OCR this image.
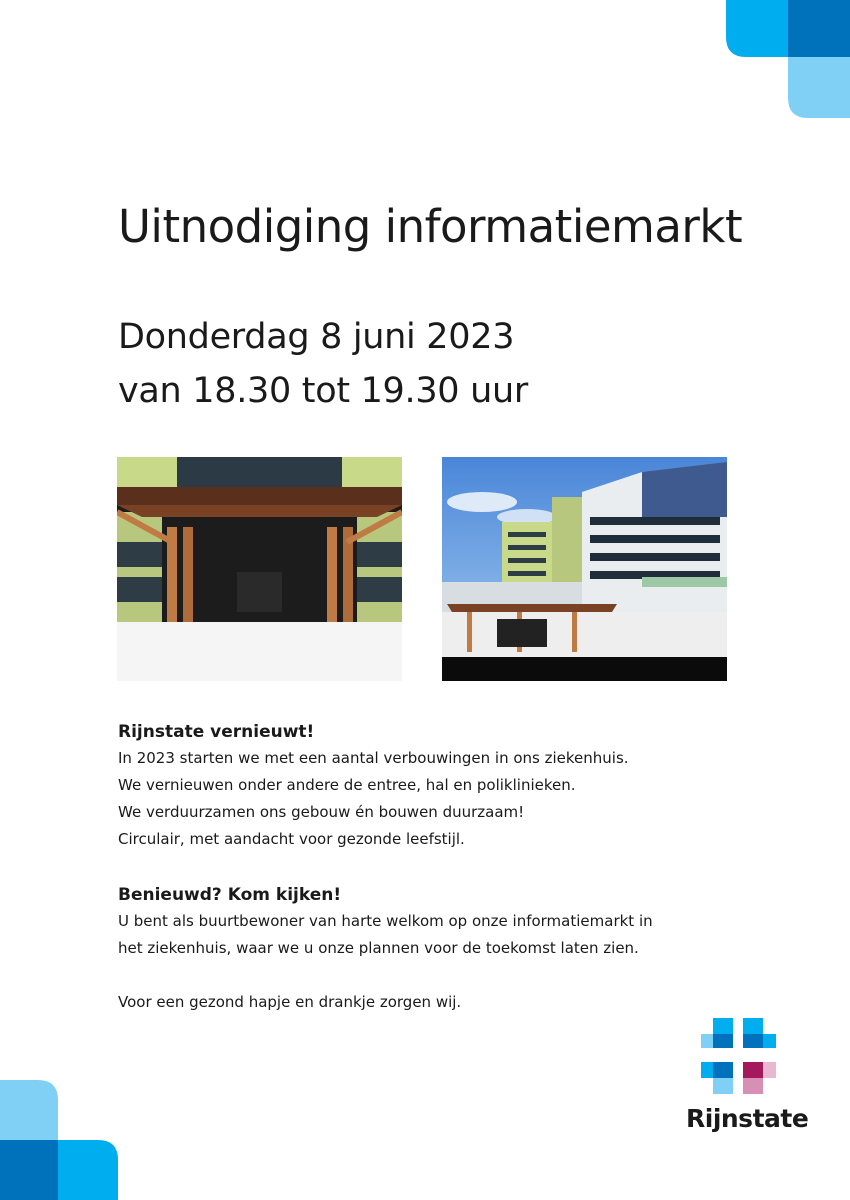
Uitnodiging informatiemarkt
Donderdag 8 juni 2023
van 18.30 tot 19.30 uur
Rijnstate vernieuwt!

In 2023 starten we met een aantal verbouwingen in ons ziekenhuis.

We vernieuwen onder andere de entree, hal en poliklinieken.

We verduurzamen ons gebouw én bouwen duurzaam!

Circulair, met aandacht voor gezonde leefstijl.

Benieuwd? Kom kijken!

U bent als buurtbewoner van harte welkom op onze informatiemarkt in

het ziekenhuis, waar we u onze plannen voor de toekomst laten zien.

Voor een gezond hapje en drankje zorgen wij.

Rijnstate
